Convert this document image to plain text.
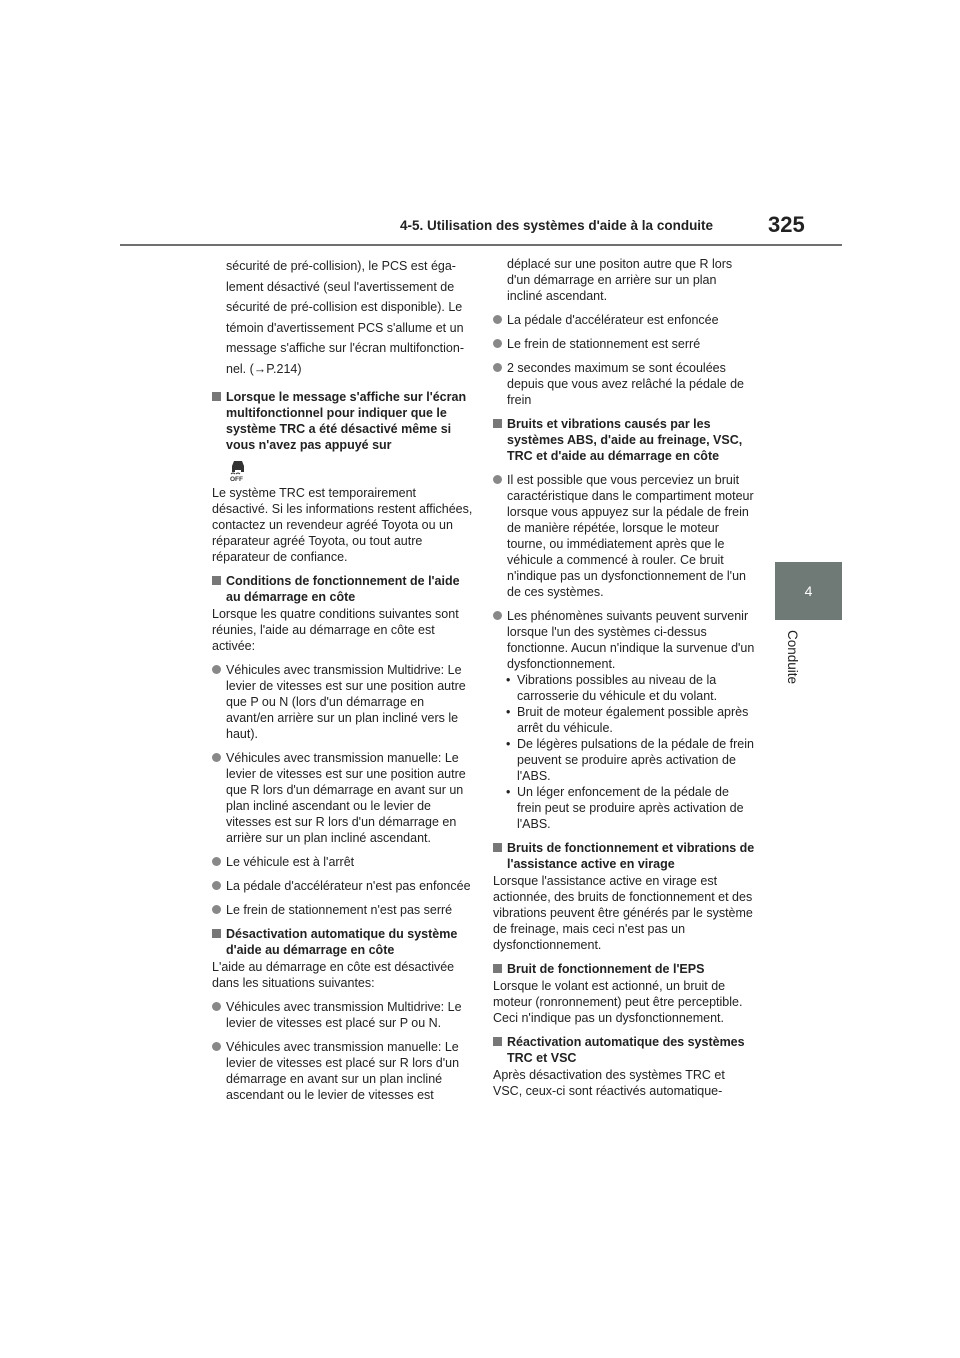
4-5. Utilisation des systèmes d'aide à la conduite 325
4
Conduite
sécurité de pré-collision), le PCS est éga-
lement désactivé (seul l'avertissement de
sécurité de pré-collision est disponible). Le
témoin d'avertissement PCS s'allume et un
message s'affiche sur l'écran multifonction-
nel. (→P.214)
Lorsque le message s'affiche sur l'écran multifonctionnel pour indiquer que le système TRC a été désactivé même si vous n'avez pas appuyé sur
OFF

Le système TRC est temporairement désactivé. Si les informations restent affichées, contactez un revendeur agréé Toyota ou un réparateur agréé Toyota, ou tout autre réparateur de confiance.

Conditions de fonctionnement de l'aide au démarrage en côte

Lorsque les quatre conditions suivantes sont réunies, l'aide au démarrage en côte est activée:

Véhicules avec transmission Multidrive: Le levier de vitesses est sur une position autre que P ou N (lors d'un démarrage en avant/en arrière sur un plan incliné vers le haut).
Véhicules avec transmission manuelle: Le levier de vitesses est sur une position autre que R lors d'un démarrage en avant sur un plan incliné ascendant ou le levier de vitesses est sur R lors d'un démarrage en arrière sur un plan incliné ascendant.
Le véhicule est à l'arrêt
La pédale d'accélérateur n'est pas enfoncée
Le frein de stationnement n'est pas serré
Désactivation automatique du système d'aide au démarrage en côte

L'aide au démarrage en côte est désactivée dans les situations suivantes:

Véhicules avec transmission Multidrive: Le levier de vitesses est placé sur P ou N.
Véhicules avec transmission manuelle: Le levier de vitesses est placé sur R lors d'un démarrage en avant sur un plan incliné ascendant ou le levier de vitesses est

déplacé sur une positon autre que R lors d'un démarrage en arrière sur un plan incliné ascendant.

La pédale d'accélérateur est enfoncée
Le frein de stationnement est serré
2 secondes maximum se sont écoulées depuis que vous avez relâché la pédale de frein
Bruits et vibrations causés par les systèmes ABS, d'aide au freinage, VSC, TRC et d'aide au démarrage en côte
Il est possible que vous perceviez un bruit caractéristique dans le compartiment moteur lorsque vous appuyez sur la pédale de frein de manière répétée, lorsque le moteur tourne, ou immédiatement après que le véhicule a commencé à rouler. Ce bruit n'indique pas un dysfonctionnement de l'un de ces systèmes.
Les phénomènes suivants peuvent survenir lorsque l'un des systèmes ci-dessus fonctionne. Aucun n'indique la survenue d'un dysfonctionnement.
• Vibrations possibles au niveau de la carrosserie du véhicule et du volant.
• Bruit de moteur également possible après arrêt du véhicule.
• De légères pulsations de la pédale de frein peuvent se produire après activation de l'ABS.
• Un léger enfoncement de la pédale de frein peut se produire après activation de l'ABS.
Bruits de fonctionnement et vibrations de l'assistance active en virage

Lorsque l'assistance active en virage est actionnée, des bruits de fonctionnement et des vibrations peuvent être générés par le système de freinage, mais ceci n'est pas un dysfonctionnement.

Bruit de fonctionnement de l'EPS

Lorsque le volant est actionné, un bruit de moteur (ronronnement) peut être perceptible. Ceci n'indique pas un dysfonctionnement.

Réactivation automatique des systèmes TRC et VSC

Après désactivation des systèmes TRC et VSC, ceux-ci sont réactivés automatique-
